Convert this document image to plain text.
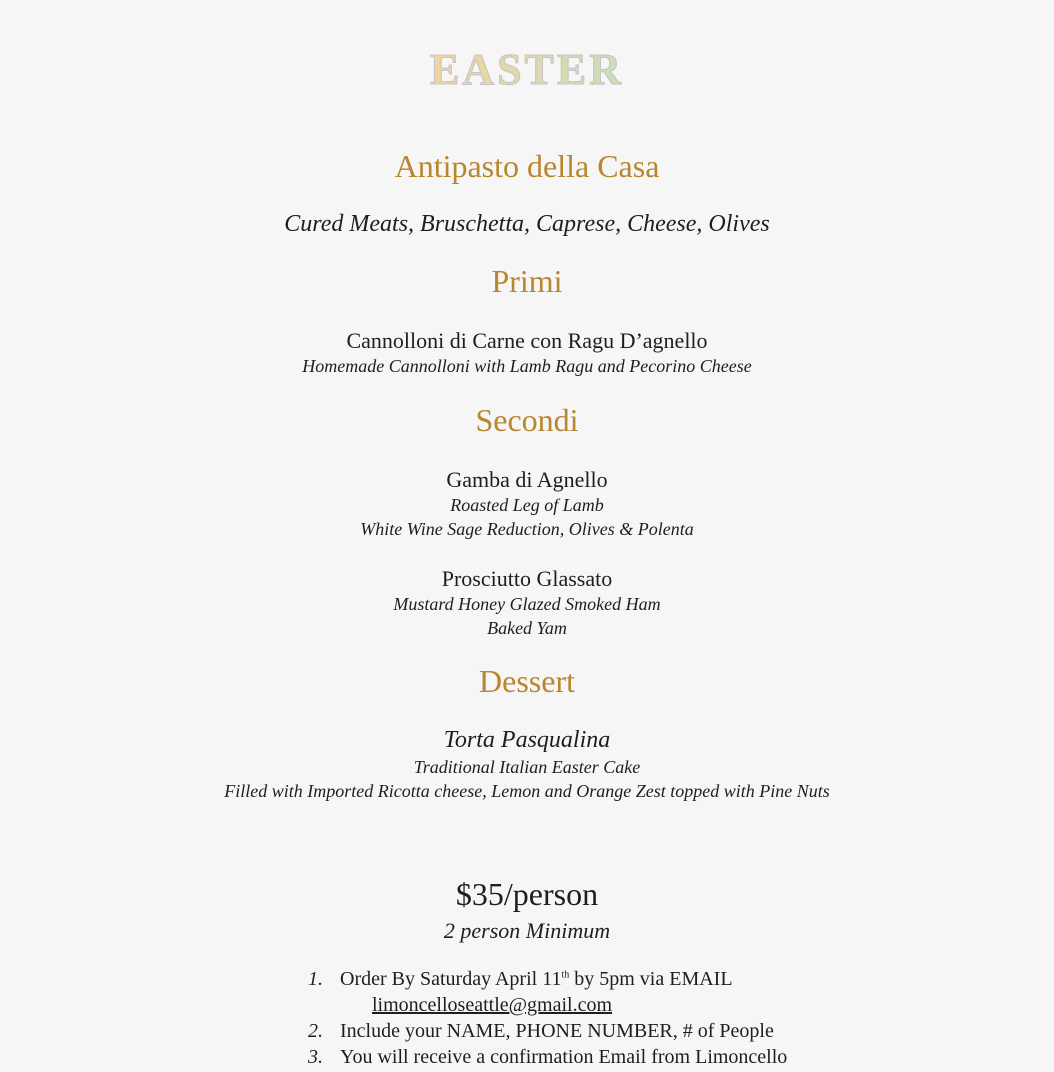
EASTER
Antipasto della Casa
Cured Meats, Bruschetta, Caprese, Cheese, Olives
Primi
Cannolloni di Carne con Ragu D’agnello
Homemade Cannolloni with Lamb Ragu and Pecorino Cheese
Secondi
Gamba di Agnello
Roasted Leg of Lamb
White Wine Sage Reduction, Olives & Polenta
Prosciutto Glassato
Mustard Honey Glazed Smoked Ham
Baked Yam
Dessert
Torta Pasqualina
Traditional Italian Easter Cake
Filled with Imported Ricotta cheese, Lemon and Orange Zest topped with Pine Nuts
$35/person
2 person Minimum
1. Order By Saturday April 11th by 5pm via EMAIL
limoncelloseattle@gmail.com
2. Include your NAME, PHONE NUMBER, # of People
3. You will receive a confirmation Email from Limoncello
